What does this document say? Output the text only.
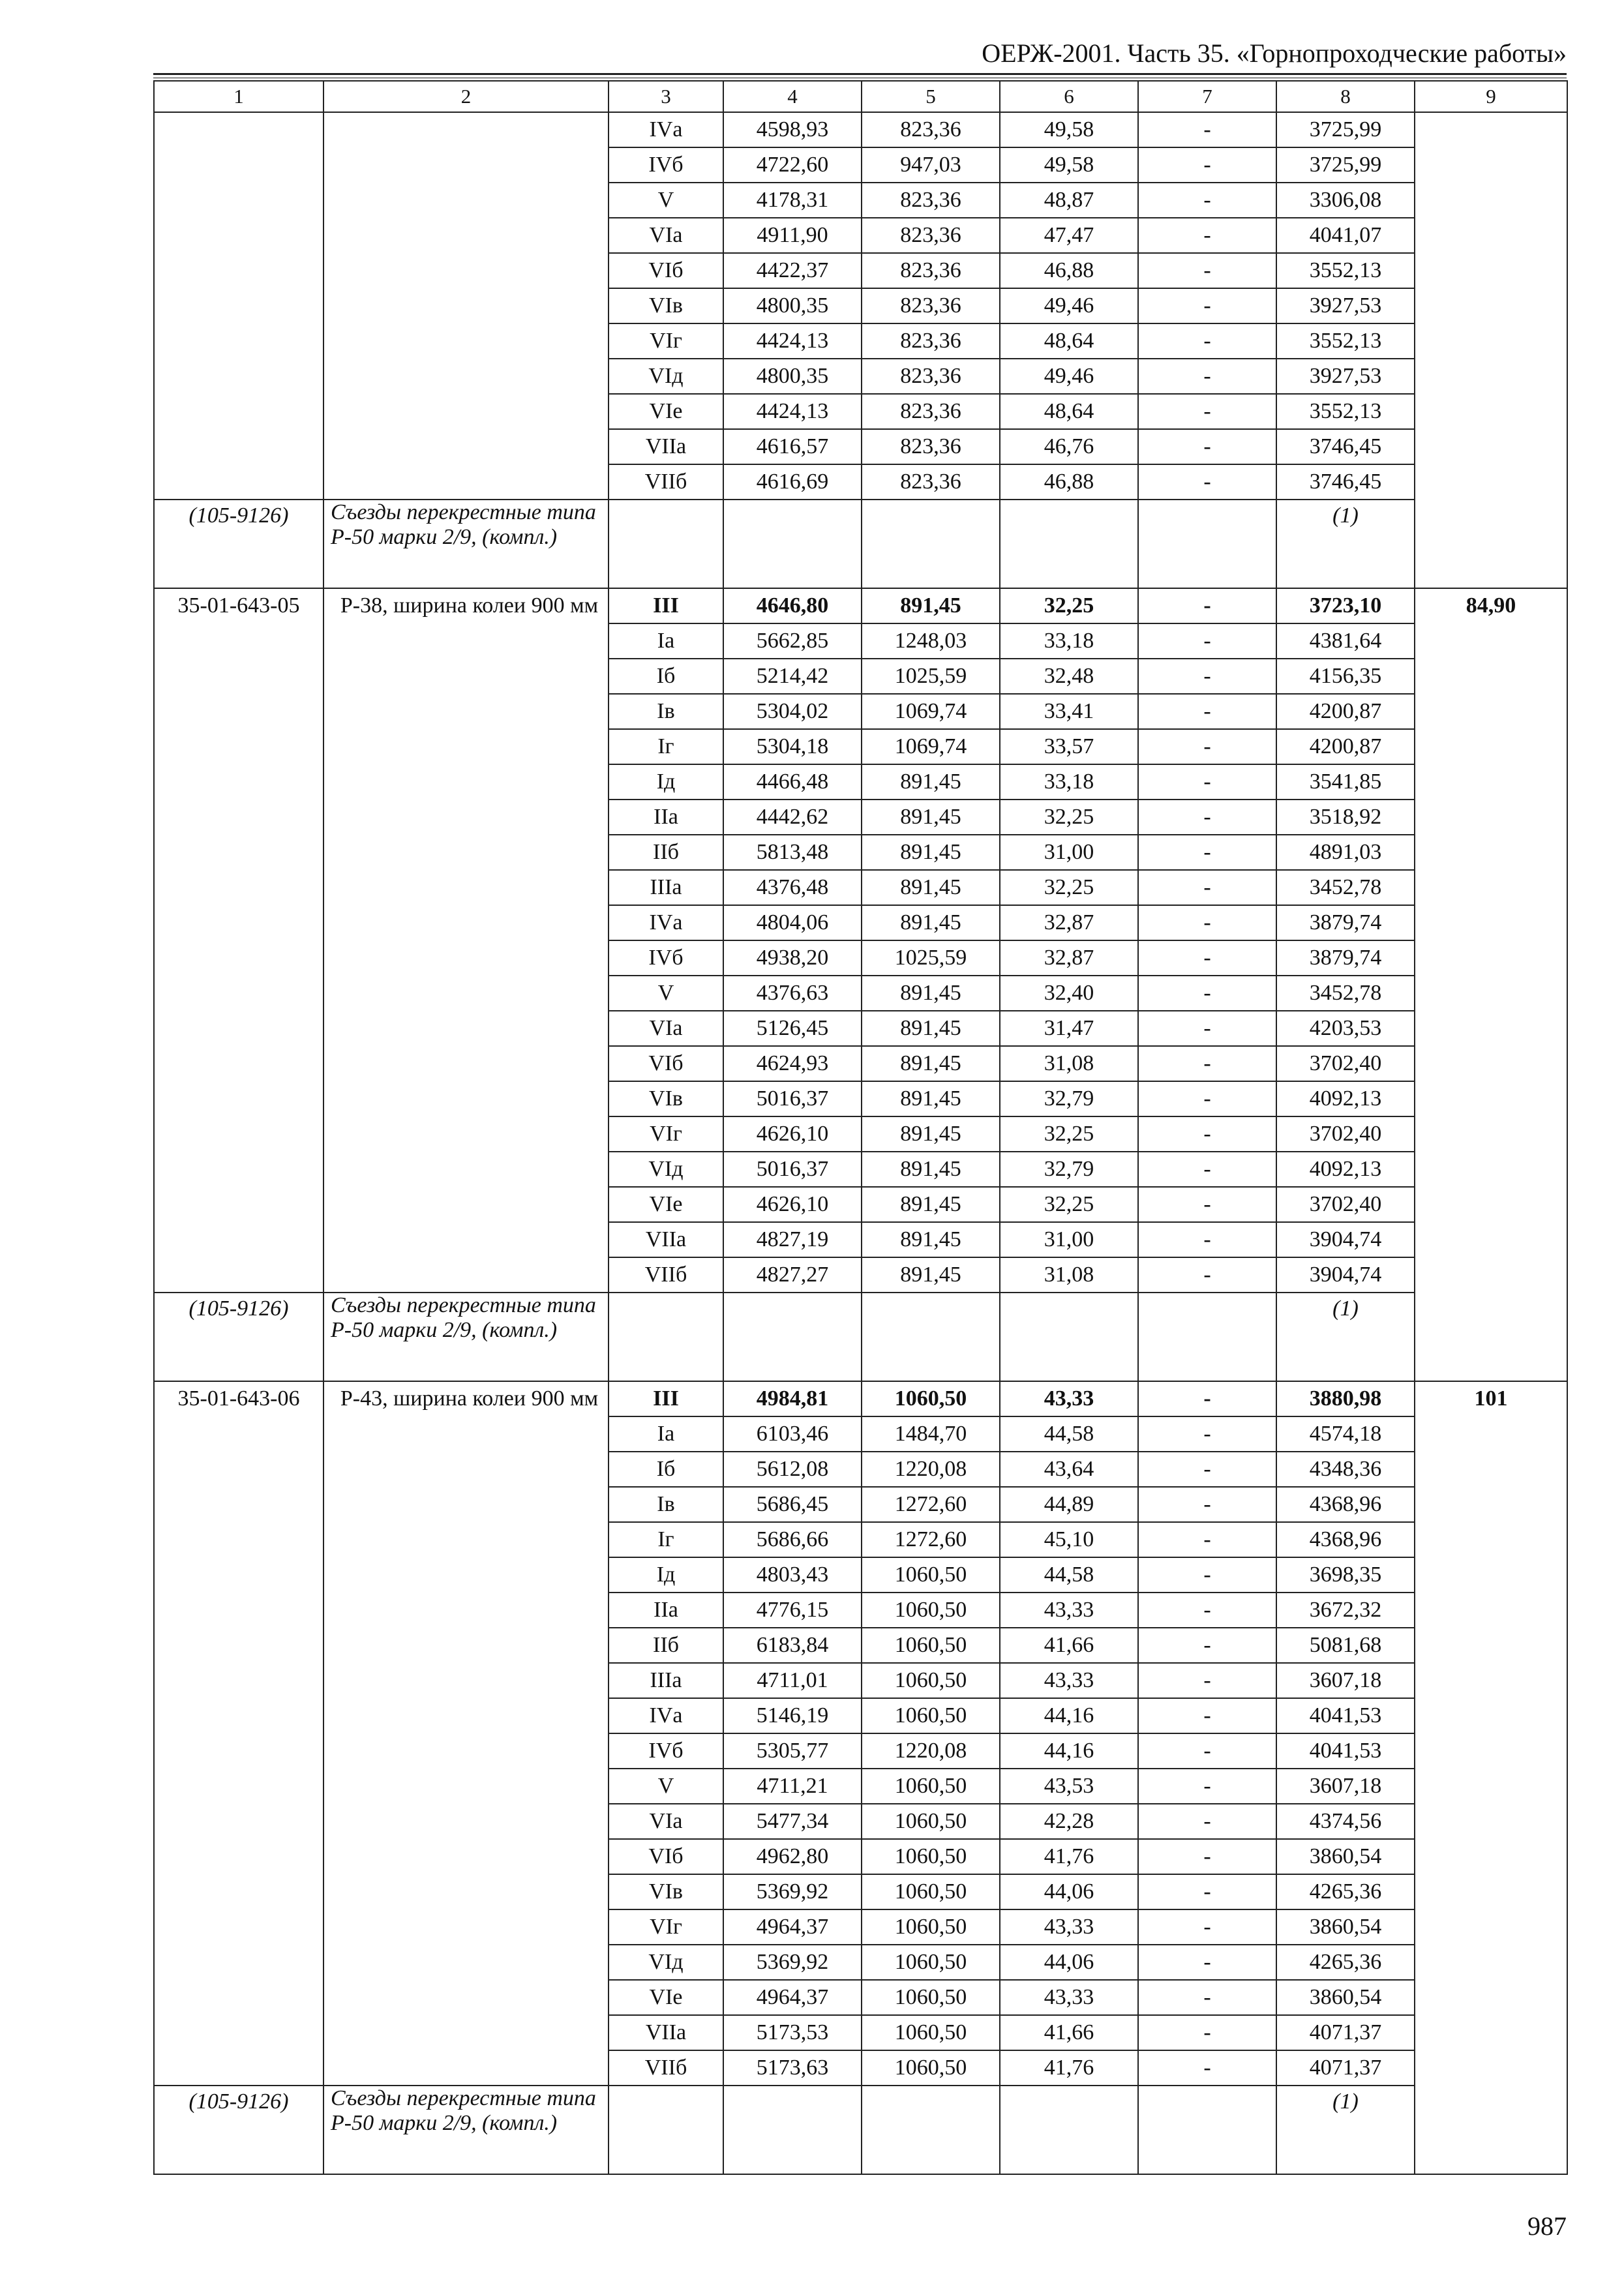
ОЕРЖ-2001. Часть 35. «Горнопроходческие работы»
1	2	3	4	5	6	7	8	9
		IVа	4598,93	823,36	49,58	-	3725,99	
		IVб	4722,60	947,03	49,58	-	3725,99	
		V	4178,31	823,36	48,87	-	3306,08	
		VIа	4911,90	823,36	47,47	-	4041,07	
		VIб	4422,37	823,36	46,88	-	3552,13	
		VIв	4800,35	823,36	49,46	-	3927,53	
		VIг	4424,13	823,36	48,64	-	3552,13	
		VIд	4800,35	823,36	49,46	-	3927,53	
		VIе	4424,13	823,36	48,64	-	3552,13	
		VIIа	4616,57	823,36	46,76	-	3746,45	
		VIIб	4616,69	823,36	46,88	-	3746,45	
(105-9126)	Съезды перекрестные типа Р-50 марки 2/9, (компл.)						(1)	
35-01-643-05	Р-38, ширина колеи 900 мм	III	4646,80	891,45	32,25	-	3723,10	84,90
		Iа	5662,85	1248,03	33,18	-	4381,64	
		Iб	5214,42	1025,59	32,48	-	4156,35	
		Iв	5304,02	1069,74	33,41	-	4200,87	
		Iг	5304,18	1069,74	33,57	-	4200,87	
		Iд	4466,48	891,45	33,18	-	3541,85	
		IIа	4442,62	891,45	32,25	-	3518,92	
		IIб	5813,48	891,45	31,00	-	4891,03	
		IIIа	4376,48	891,45	32,25	-	3452,78	
		IVа	4804,06	891,45	32,87	-	3879,74	
		IVб	4938,20	1025,59	32,87	-	3879,74	
		V	4376,63	891,45	32,40	-	3452,78	
		VIа	5126,45	891,45	31,47	-	4203,53	
		VIб	4624,93	891,45	31,08	-	3702,40	
		VIв	5016,37	891,45	32,79	-	4092,13	
		VIг	4626,10	891,45	32,25	-	3702,40	
		VIд	5016,37	891,45	32,79	-	4092,13	
		VIе	4626,10	891,45	32,25	-	3702,40	
		VIIа	4827,19	891,45	31,00	-	3904,74	
		VIIб	4827,27	891,45	31,08	-	3904,74	
(105-9126)	Съезды перекрестные типа Р-50 марки 2/9, (компл.)						(1)	
35-01-643-06	Р-43, ширина колеи 900 мм	III	4984,81	1060,50	43,33	-	3880,98	101
		Iа	6103,46	1484,70	44,58	-	4574,18	
		Iб	5612,08	1220,08	43,64	-	4348,36	
		Iв	5686,45	1272,60	44,89	-	4368,96	
		Iг	5686,66	1272,60	45,10	-	4368,96	
		Iд	4803,43	1060,50	44,58	-	3698,35	
		IIа	4776,15	1060,50	43,33	-	3672,32	
		IIб	6183,84	1060,50	41,66	-	5081,68	
		IIIа	4711,01	1060,50	43,33	-	3607,18	
		IVа	5146,19	1060,50	44,16	-	4041,53	
		IVб	5305,77	1220,08	44,16	-	4041,53	
		V	4711,21	1060,50	43,53	-	3607,18	
		VIа	5477,34	1060,50	42,28	-	4374,56	
		VIб	4962,80	1060,50	41,76	-	3860,54	
		VIв	5369,92	1060,50	44,06	-	4265,36	
		VIг	4964,37	1060,50	43,33	-	3860,54	
		VIд	5369,92	1060,50	44,06	-	4265,36	
		VIе	4964,37	1060,50	43,33	-	3860,54	
		VIIа	5173,53	1060,50	41,66	-	4071,37	
		VIIб	5173,63	1060,50	41,76	-	4071,37	
(105-9126)	Съезды перекрестные типа Р-50 марки 2/9, (компл.)						(1)	
987
